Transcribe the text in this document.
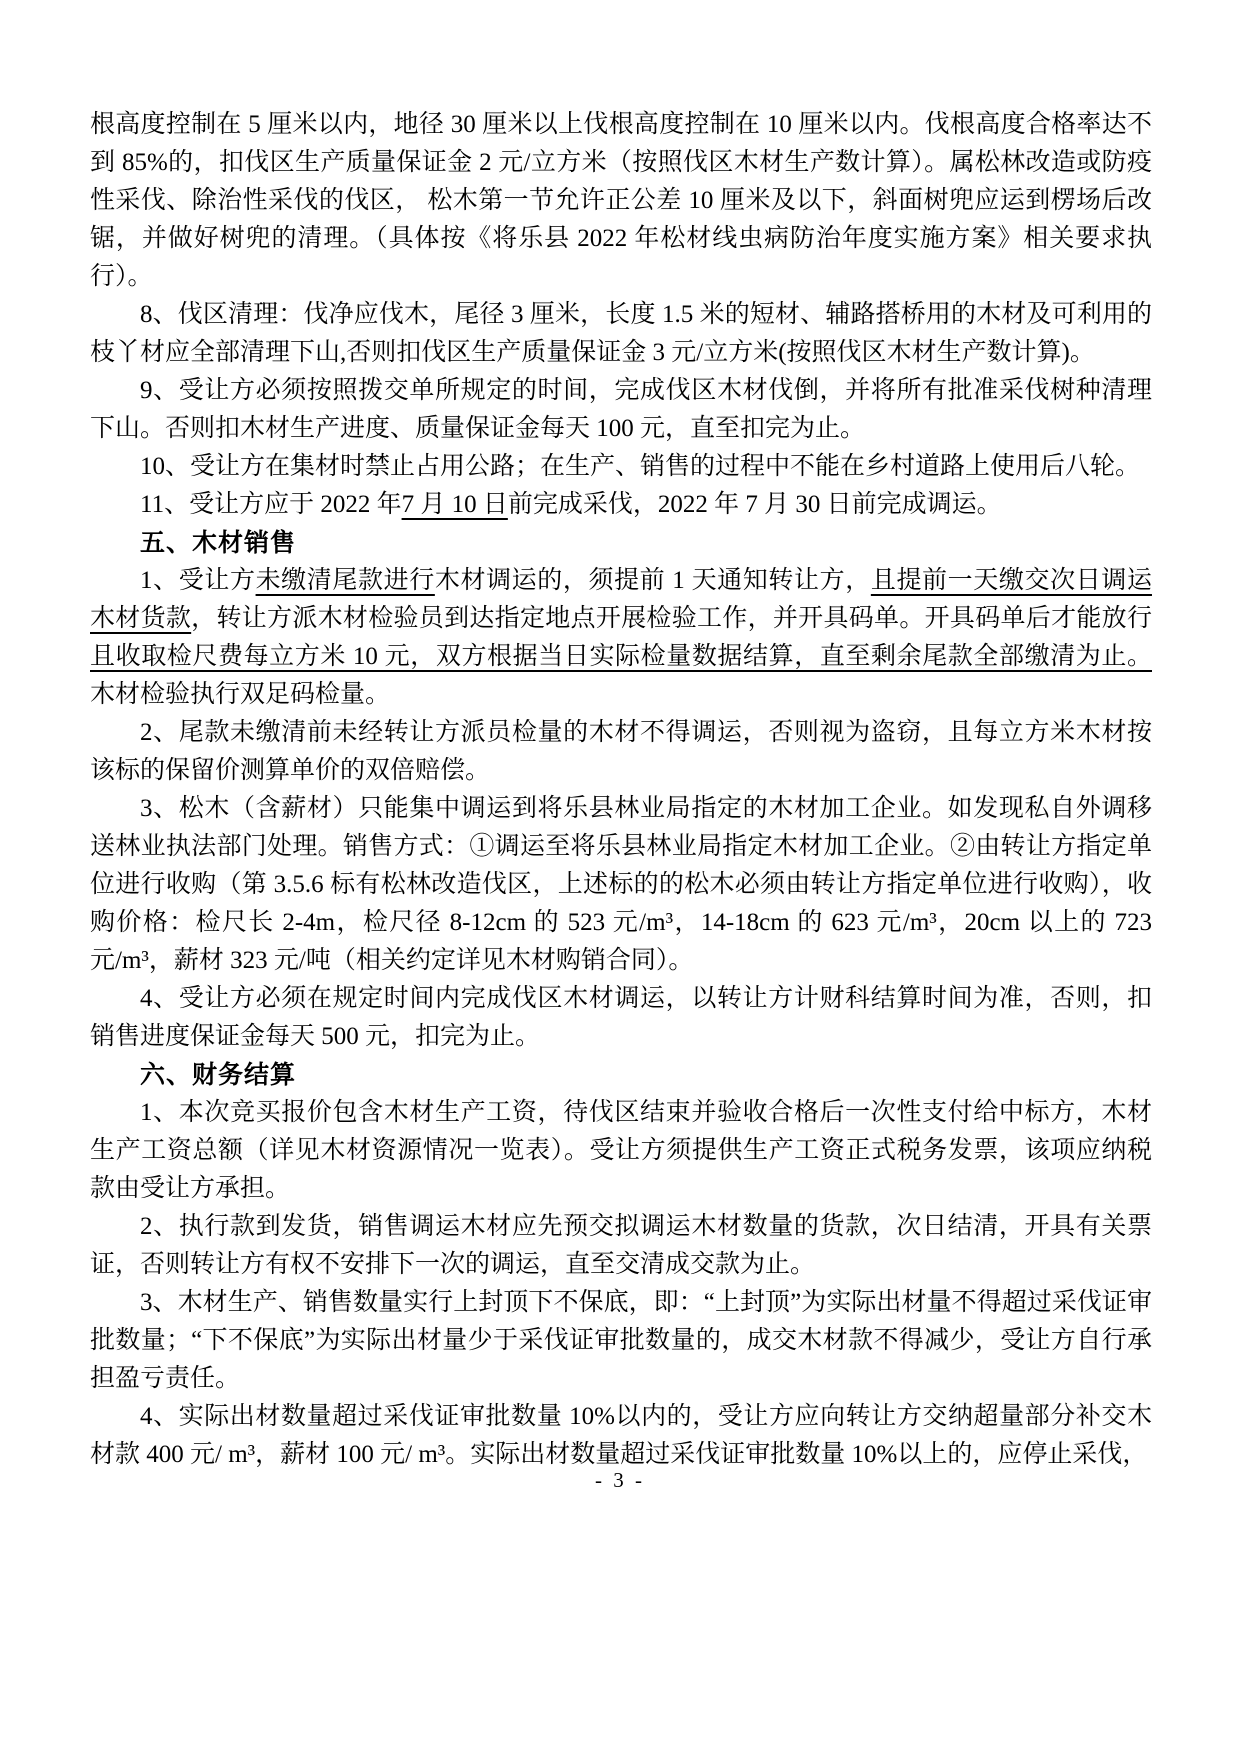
根高度控制在 5 厘米以内，地径 30 厘米以上伐根高度控制在 10 厘米以内。伐根高度合格率达不到 85%的，扣伐区生产质量保证金 2 元/立方米（按照伐区木材生产数计算）。属松林改造或防疫性采伐、除治性采伐的伐区， 松木第一节允许正公差 10 厘米及以下，斜面树兜应运到楞场后改锯，并做好树兜的清理。（具体按《将乐县 2022 年松材线虫病防治年度实施方案》相关要求执行）。

8、伐区清理：伐净应伐木，尾径 3 厘米，长度 1.5 米的短材、辅路搭桥用的木材及可利用的枝丫材应全部清理下山,否则扣伐区生产质量保证金 3 元/立方米(按照伐区木材生产数计算)。

9、受让方必须按照拨交单所规定的时间，完成伐区木材伐倒，并将所有批准采伐树种清理下山。否则扣木材生产进度、质量保证金每天 100 元，直至扣完为止。

10、受让方在集材时禁止占用公路；在生产、销售的过程中不能在乡村道路上使用后八轮。

11、受让方应于 2022 年7 月 10 日前完成采伐，2022 年 7 月 30 日前完成调运。

五、木材销售

1、受让方未缴清尾款进行木材调运的，须提前 1 天通知转让方，且提前一天缴交次日调运木材货款，转让方派木材检验员到达指定地点开展检验工作，并开具码单。开具码单后才能放行且收取检尺费每立方米 10 元，双方根据当日实际检量数据结算，直至剩余尾款全部缴清为止。木材检验执行双足码检量。

2、尾款未缴清前未经转让方派员检量的木材不得调运，否则视为盗窃，且每立方米木材按该标的保留价测算单价的双倍赔偿。

3、松木（含薪材）只能集中调运到将乐县林业局指定的木材加工企业。如发现私自外调移送林业执法部门处理。销售方式：①调运至将乐县林业局指定木材加工企业。②由转让方指定单位进行收购（第 3.5.6 标有松林改造伐区，上述标的的松木必须由转让方指定单位进行收购），收购价格：检尺长 2-4m，检尺径 8-12cm 的 523 元/m³，14-18cm 的 623 元/m³，20cm 以上的 723 元/m³，薪材 323 元/吨（相关约定详见木材购销合同）。

4、受让方必须在规定时间内完成伐区木材调运，以转让方计财科结算时间为准，否则，扣销售进度保证金每天 500 元，扣完为止。

六、财务结算

1、本次竞买报价包含木材生产工资，待伐区结束并验收合格后一次性支付给中标方，木材生产工资总额（详见木材资源情况一览表）。受让方须提供生产工资正式税务发票，该项应纳税款由受让方承担。

2、执行款到发货，销售调运木材应先预交拟调运木材数量的货款，次日结清，开具有关票证，否则转让方有权不安排下一次的调运，直至交清成交款为止。

3、木材生产、销售数量实行上封顶下不保底，即：“上封顶”为实际出材量不得超过采伐证审批数量；“下不保底”为实际出材量少于采伐证审批数量的，成交木材款不得减少，受让方自行承担盈亏责任。

4、实际出材数量超过采伐证审批数量 10%以内的，受让方应向转让方交纳超量部分补交木材款 400 元/ m³，薪材 100 元/ m³。实际出材数量超过采伐证审批数量 10%以上的，应停止采伐，

- 3 -
